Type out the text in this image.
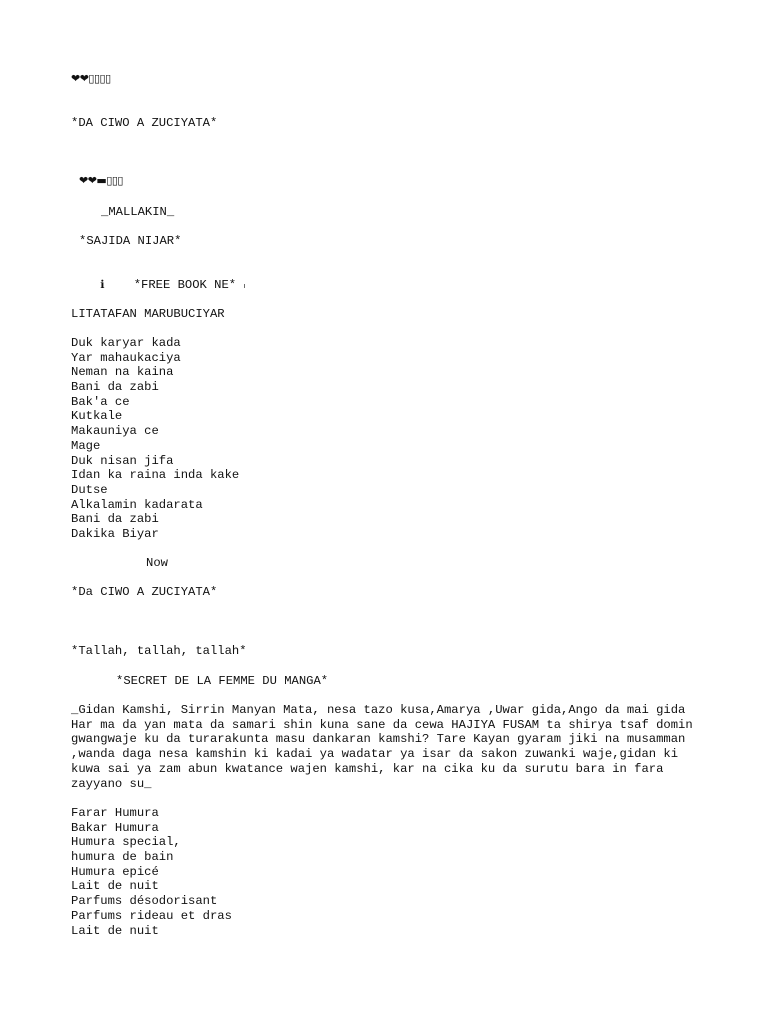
❤❤▯▯▯▯
*DA CIWO A ZUCIYATA*
❤❤▬▯▯▯
_MALLAKIN_
*SAJIDA NIJAR*

ℹ *FREE BOOK NE* ı

LITATAFAN MARUBUCIYAR
Duk karyar kada
Yar mahaukaciya
Neman na kaina
Bani da zabi
Bak'a ce
Kutkale
Makauniya ce
Mage
Duk nisan jifa
Idan ka raina inda kake
Dutse
Alkalamin kadarata
Bani da zabi
Dakika Biyar
Now
*Da CIWO A ZUCIYATA*
*Tallah, tallah, tallah*
*SECRET DE LA FEMME DU MANGA*
_Gidan Kamshi, Sirrin Manyan Mata, nesa tazo kusa,Amarya ,Uwar gida,Ango da mai gida Har ma da yan mata da samari shin kuna sane da cewa HAJIYA FUSAM ta shirya tsaf domin gwangwaje ku da turarakunta masu dankaran kamshi? Tare Kayan gyaram jiki na musamman ,wanda daga nesa kamshin ki kadai ya wadatar ya isar da sakon zuwanki waje,gidan ki kuwa sai ya zam abun kwatance wajen kamshi, kar na cika ku da surutu bara in fara zayyano su_
Farar Humura
Bakar Humura
Humura special,
humura de bain
Humura epicé
Lait de nuit
Parfums désodorisant
Parfums rideau et dras
Lait de nuit
